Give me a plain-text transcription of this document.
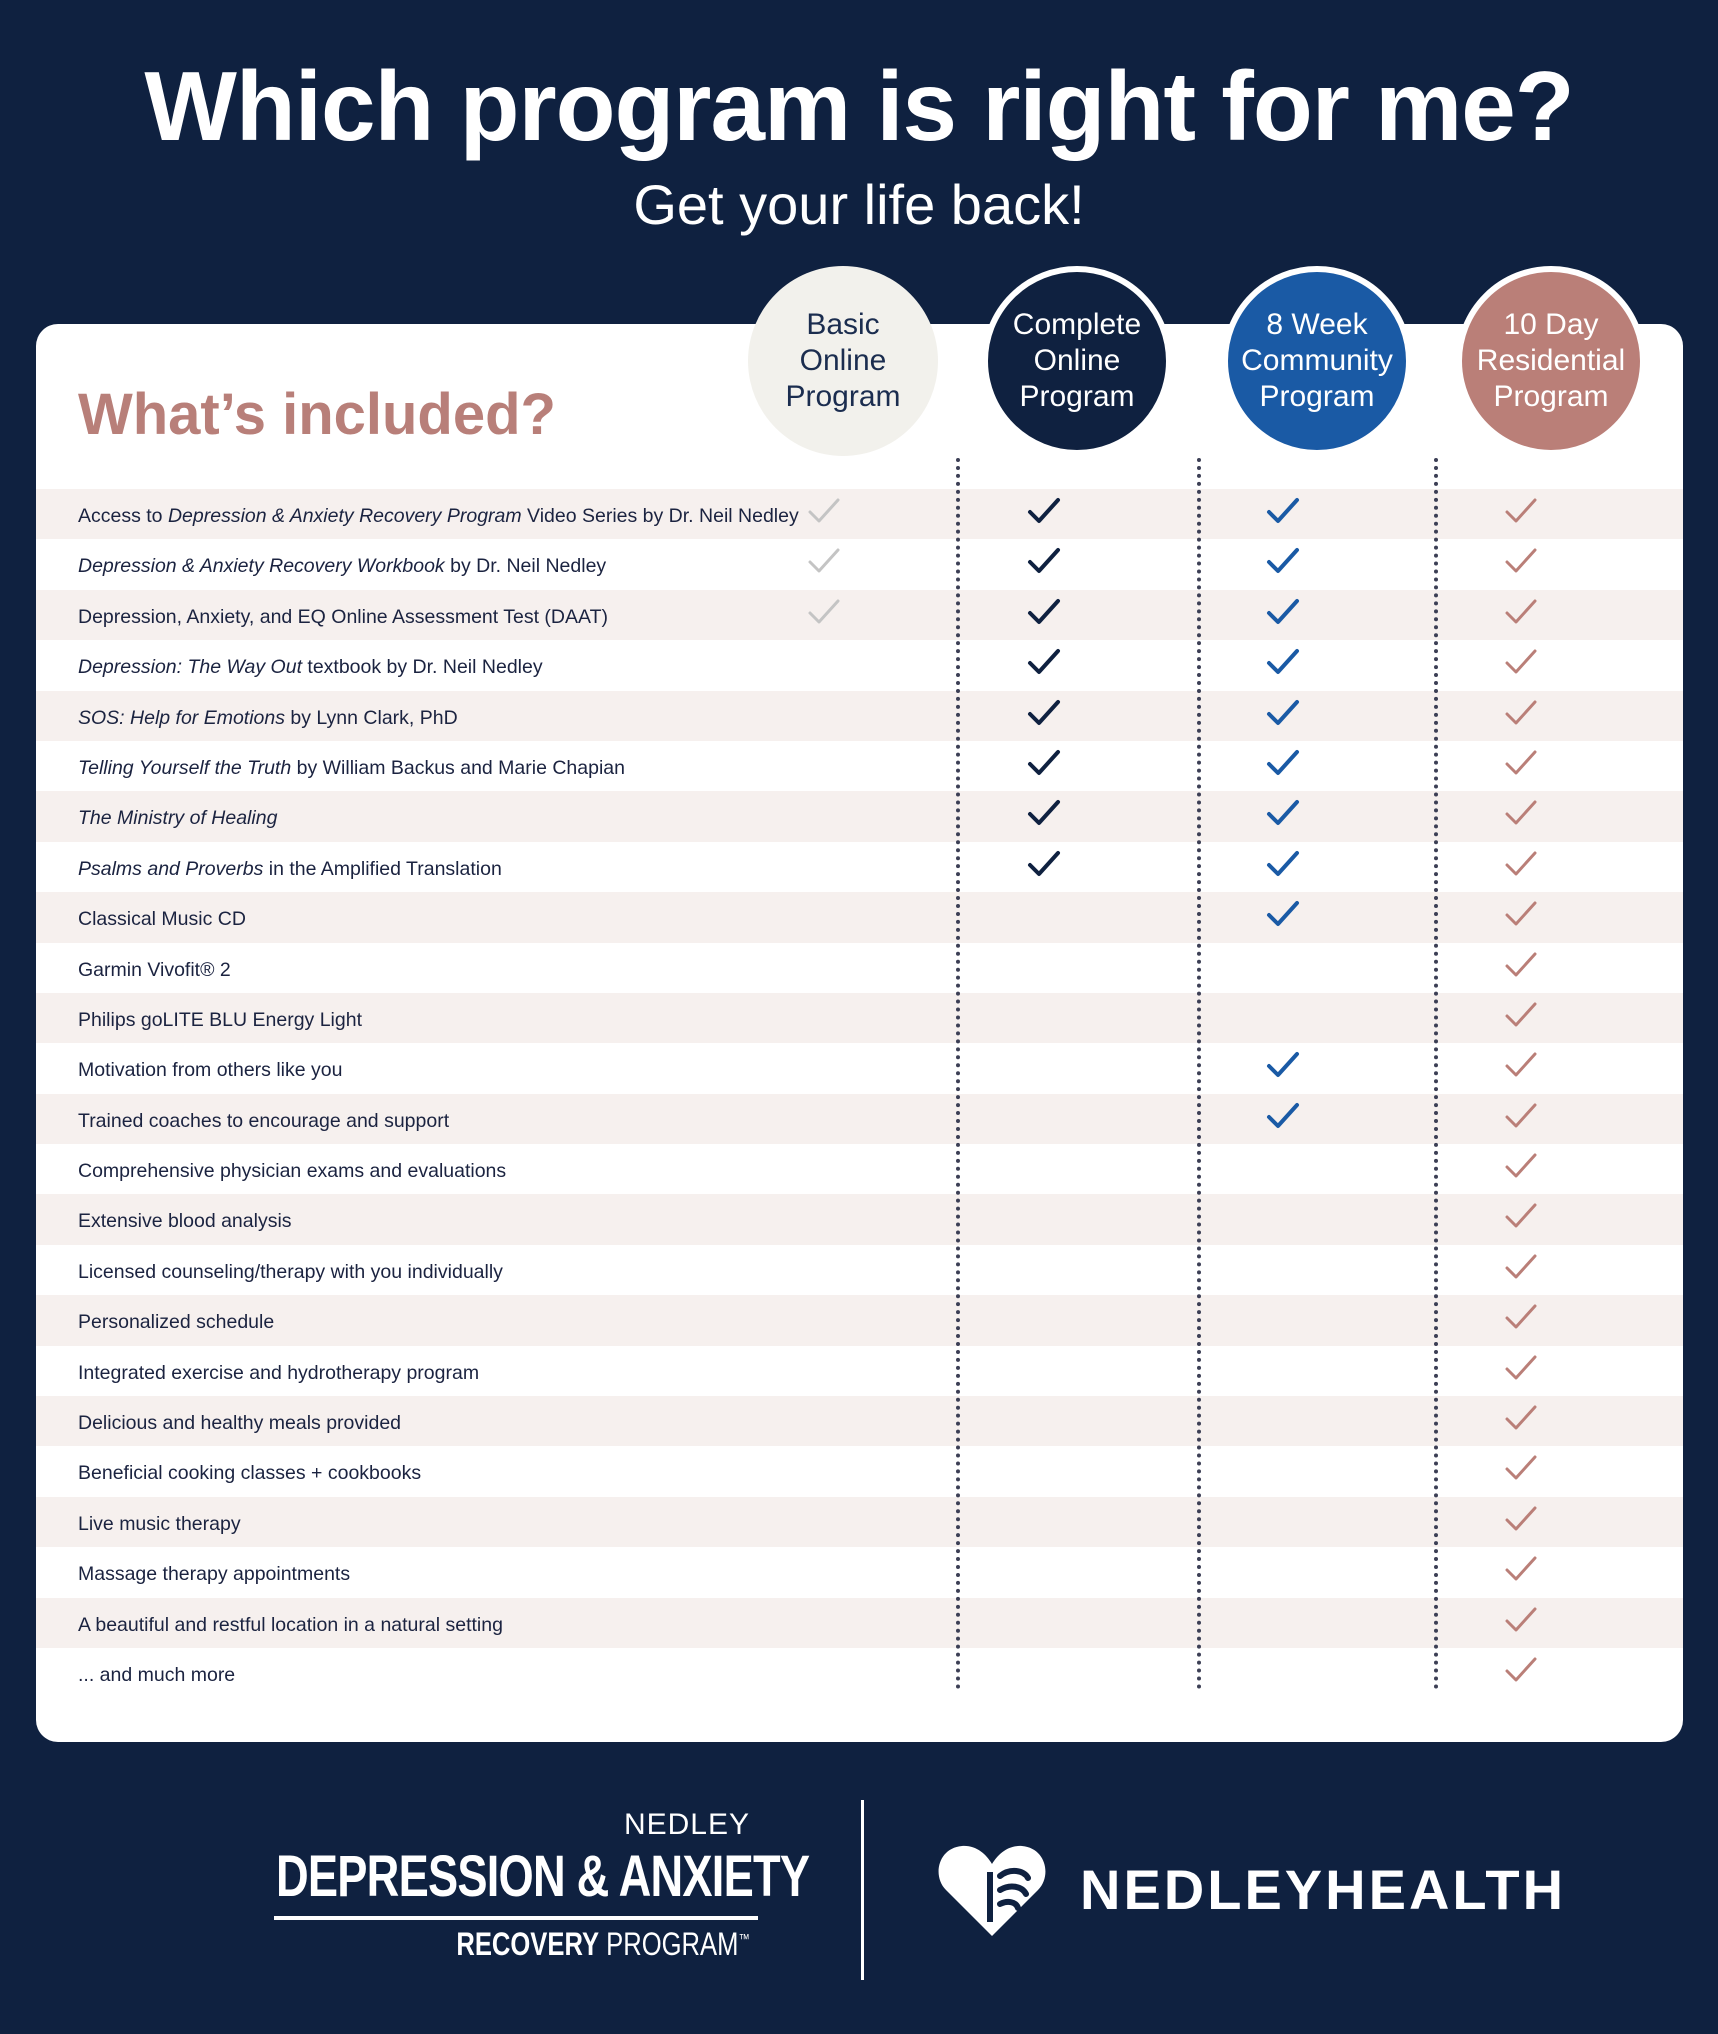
Which program is right for me?
Get your life back!
What’s included?
Basic
Online
Program
Complete
Online
Program
8 Week
Community
Program
10 Day
Residential
Program
Access to Depression & Anxiety Recovery Program Video Series by Dr. Neil Nedley
Depression & Anxiety Recovery Workbook by Dr. Neil Nedley
Depression, Anxiety, and EQ Online Assessment Test (DAAT)
Depression: The Way Out textbook by Dr. Neil Nedley
SOS: Help for Emotions by Lynn Clark, PhD
Telling Yourself the Truth by William Backus and Marie Chapian
The Ministry of Healing
Psalms and Proverbs in the Amplified Translation
Classical Music CD
Garmin Vivofit® 2
Philips goLITE BLU Energy Light
Motivation from others like you
Trained coaches to encourage and support
Comprehensive physician exams and evaluations
Extensive blood analysis
Licensed counseling/therapy with you individually
Personalized schedule
Integrated exercise and hydrotherapy program
Delicious and healthy meals provided
Beneficial cooking classes + cookbooks
Live music therapy
Massage therapy appointments
A beautiful and restful location in a natural setting
... and much more
NEDLEY
DEPRESSION & ANXIETY
RECOVERY PROGRAM™
NEDLEYHEALTH
